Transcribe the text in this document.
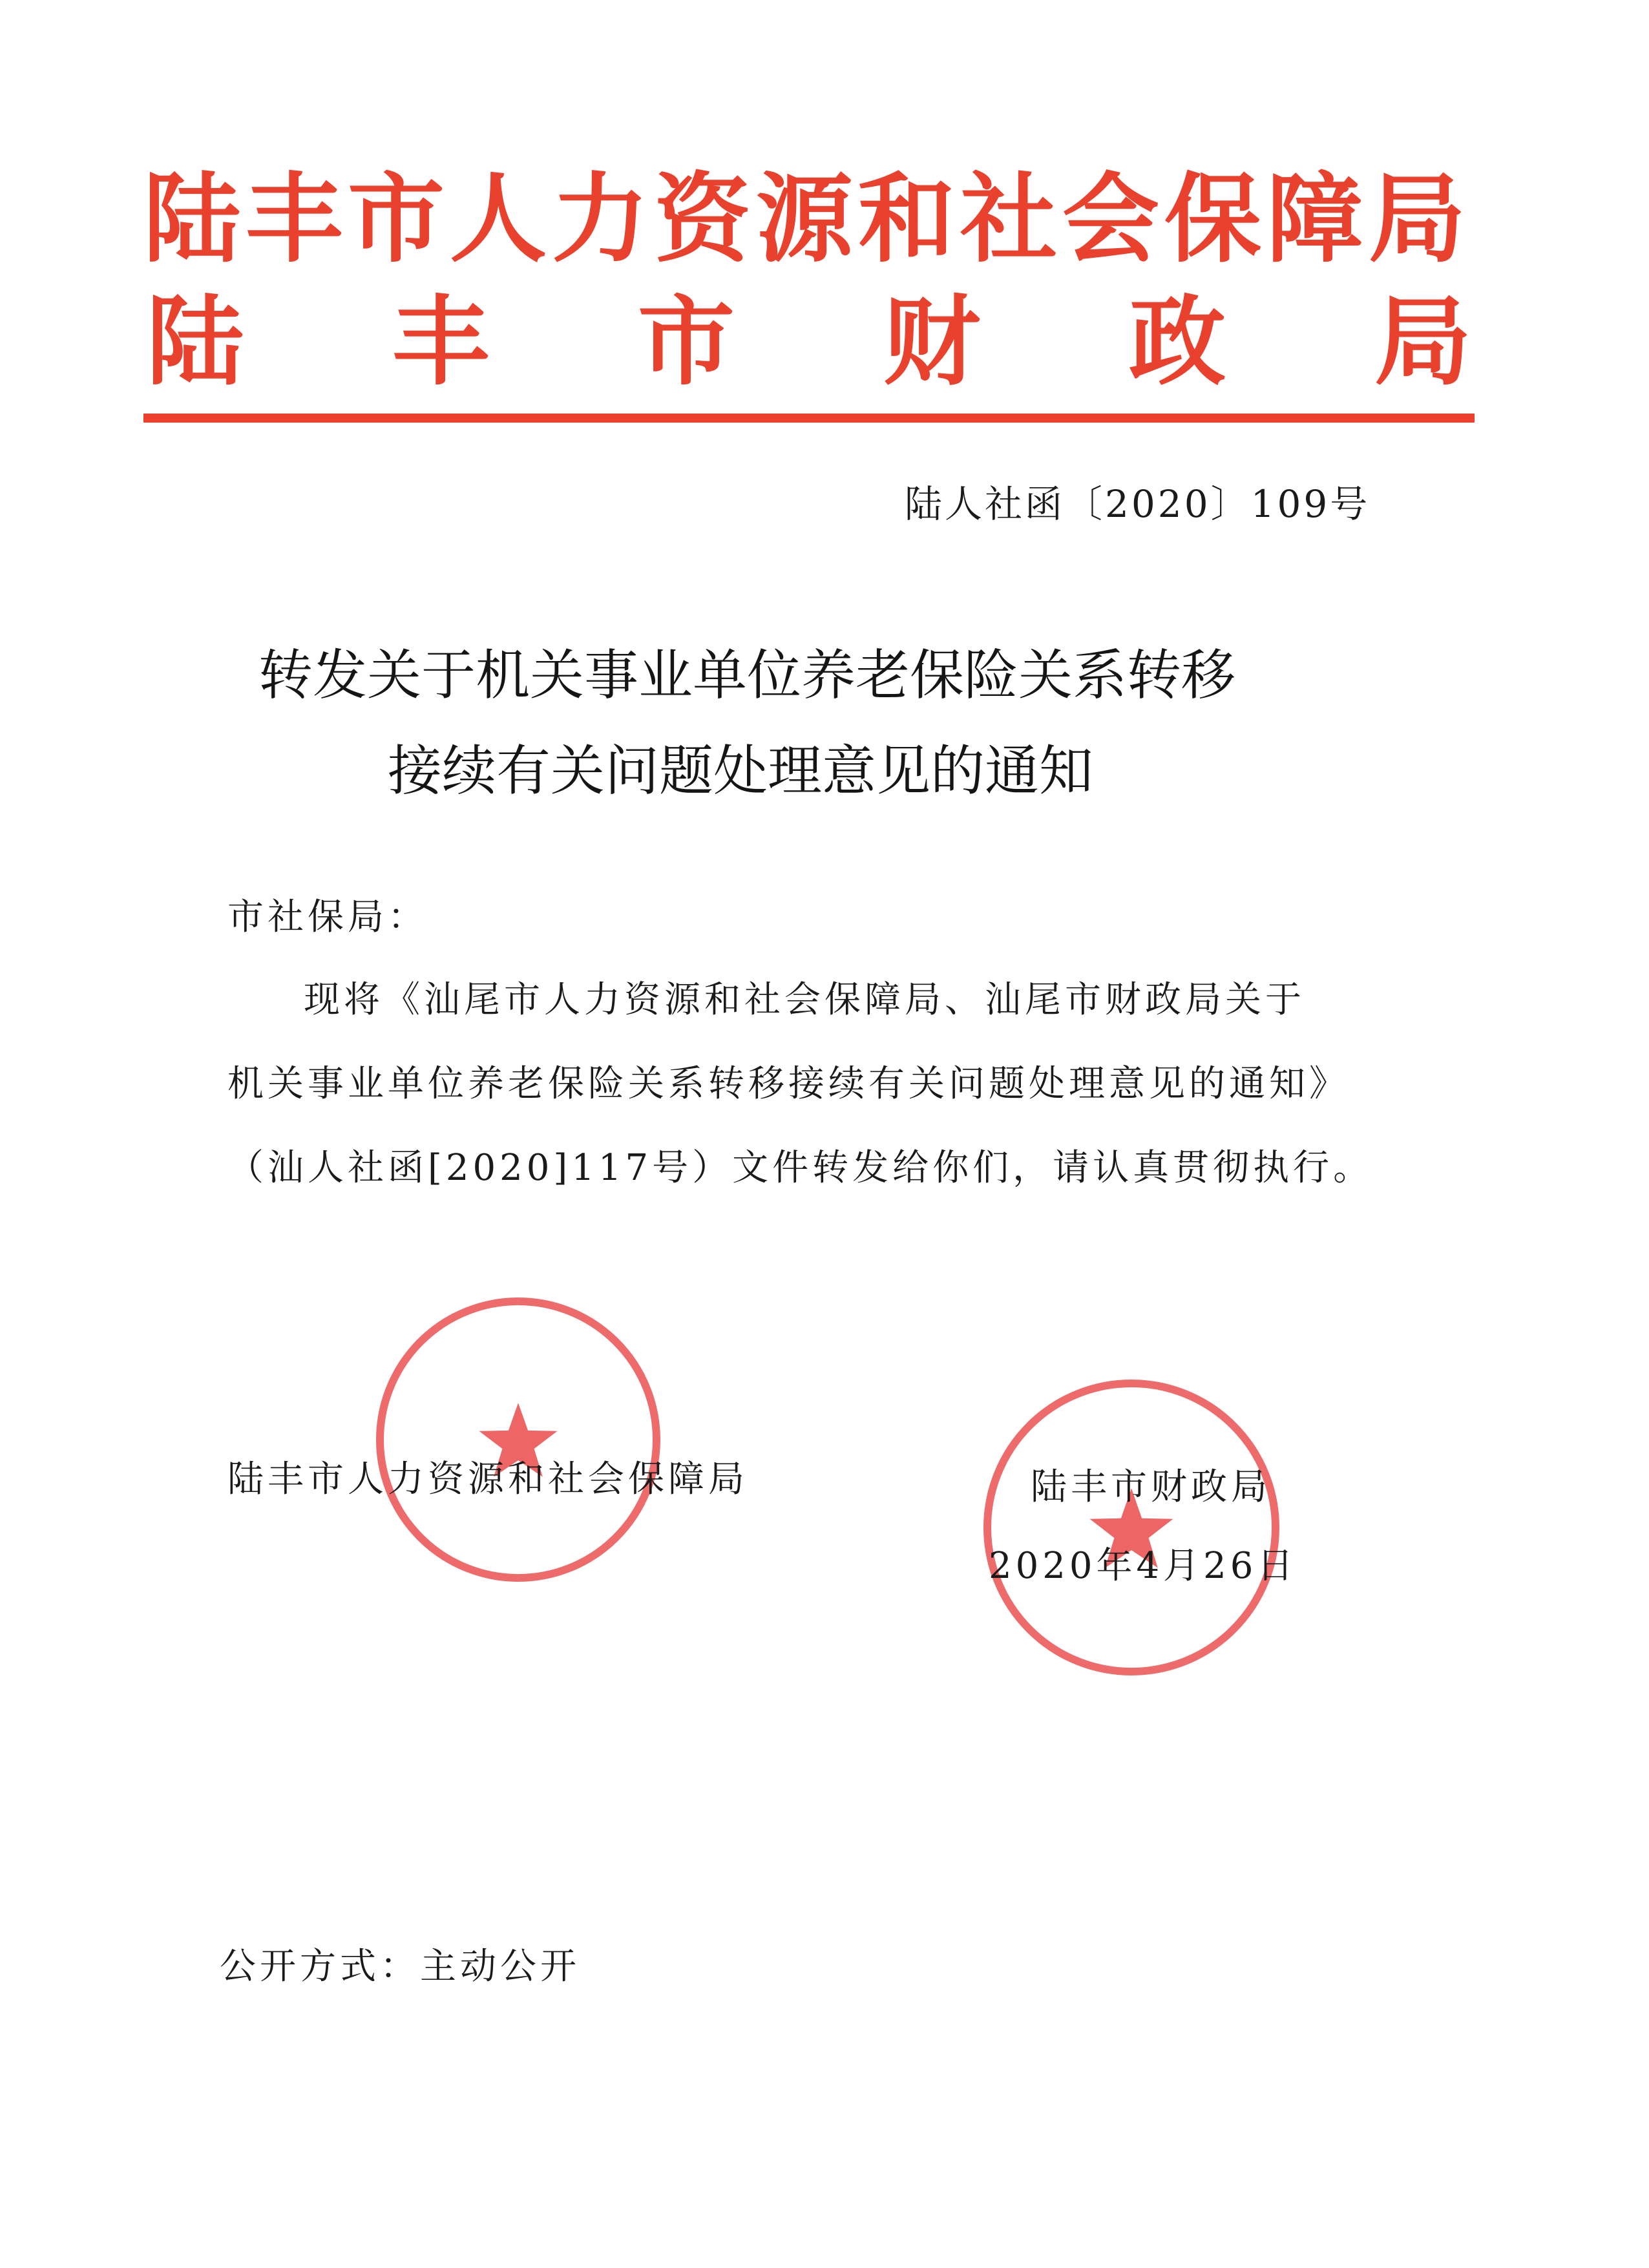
陆丰市人力资源和社会保障局
陆 丰 市 财 政 局
陆人社函〔2020〕109号
转发关于机关事业单位养老保险关系转移
接续有关问题处理意见的通知
市社保局：
现将《汕尾市人力资源和社会保障局、汕尾市财政局关于
机关事业单位养老保险关系转移接续有关问题处理意见的通知》
（汕人社函[2020]117号）文件转发给你们，请认真贯彻执行。
陆丰市人力资源和社会保障局	陆丰市财政局
2020年4月26日
公开方式：主动公开
